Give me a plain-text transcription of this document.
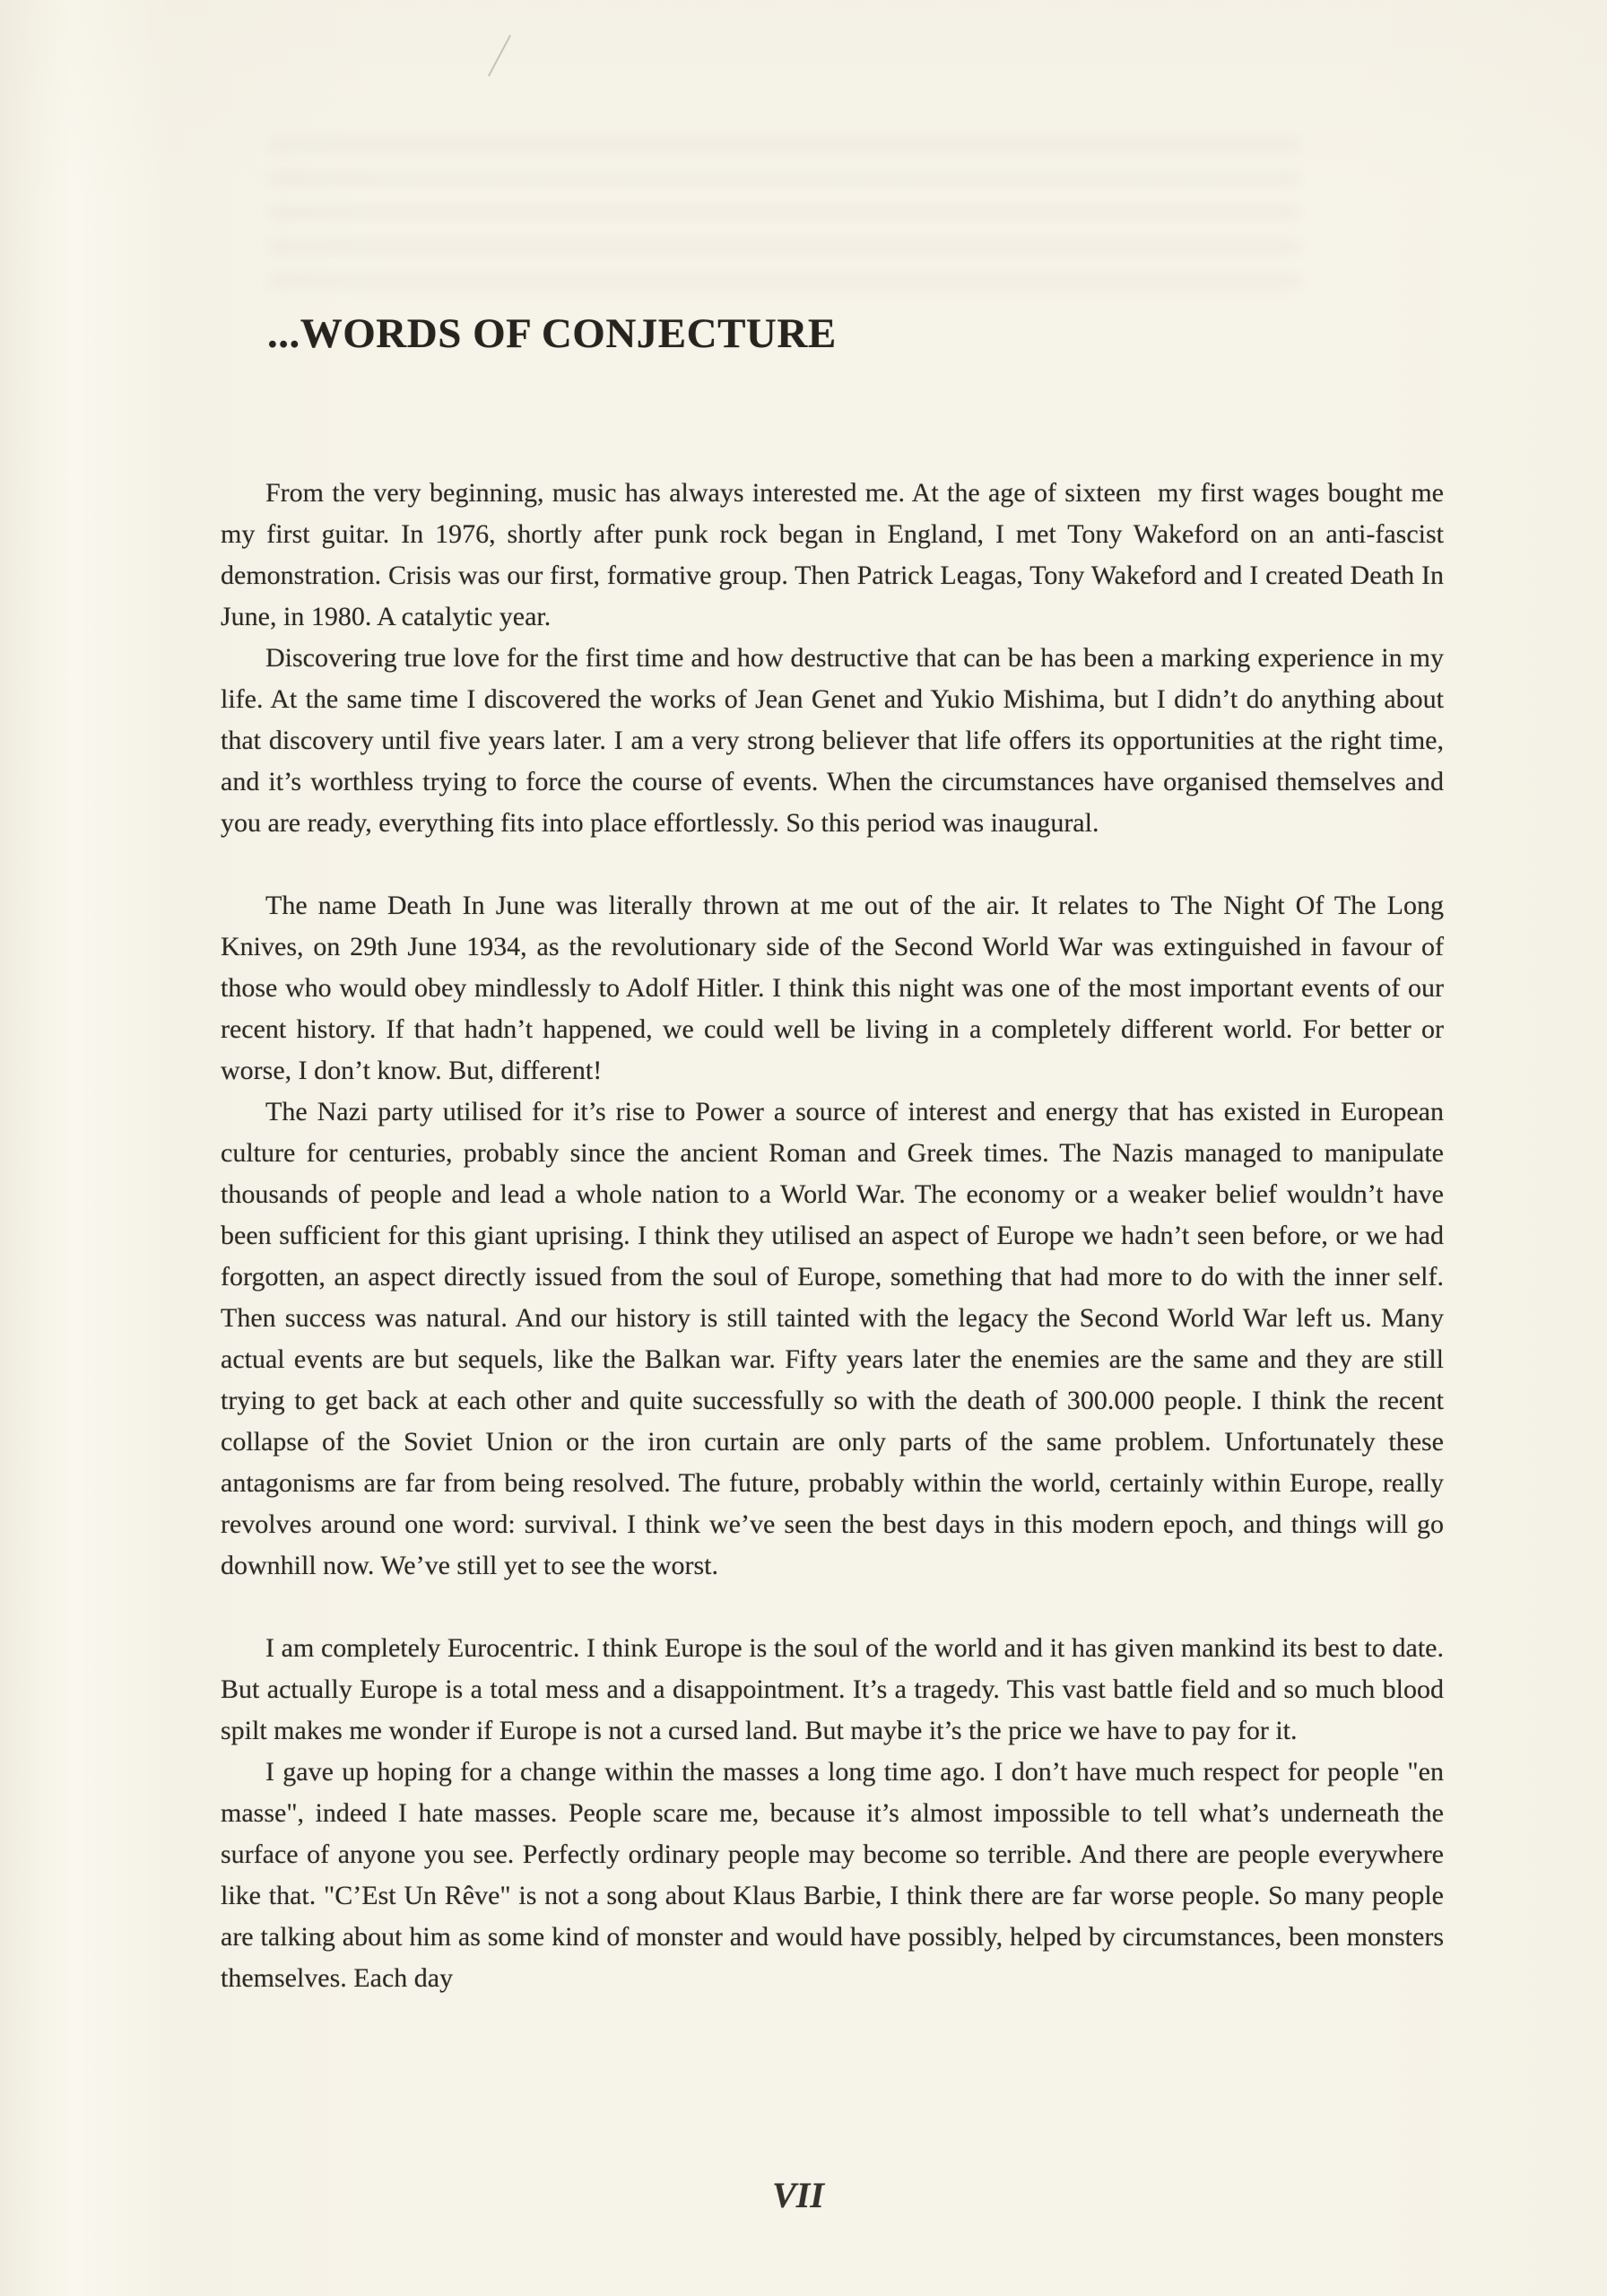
...WORDS OF CONJECTURE

From the very beginning, music has always interested me. At the age of sixteen  my first wages bought me my first guitar. In 1976, shortly after punk rock began in England, I met Tony Wakeford on an anti-fascist demonstration. Crisis was our first, formative group. Then Patrick Leagas, Tony Wakeford and I created Death In June, in 1980. A catalytic year.

Discovering true love for the first time and how destructive that can be has been a marking experience in my life. At the same time I discovered the works of Jean Genet and Yukio Mishima, but I didn’t do anything about that discovery until five years later. I am a very strong believer that life offers its opportunities at the right time, and it’s worthless trying to force the course of events. When the circumstances have organised themselves and you are ready, everything fits into place effortlessly. So this period was inaugural.

The name Death In June was literally thrown at me out of the air. It relates to The Night Of The Long Knives, on 29th June 1934, as the revolutionary side of the Second World War was extinguished in favour of those who would obey mindlessly to Adolf Hitler. I think this night was one of the most important events of our recent history. If that hadn’t happened, we could well be living in a completely different world. For better or worse, I don’t know. But, different!

The Nazi party utilised for it’s rise to Power a source of interest and energy that has existed in European culture for centuries, probably since the ancient Roman and Greek times. The Nazis managed to manipulate thousands of people and lead a whole nation to a World War. The economy or a weaker belief wouldn’t have been sufficient for this giant uprising. I think they utilised an aspect of Europe we hadn’t seen before, or we had forgotten, an aspect directly issued from the soul of Europe, something that had more to do with the inner self. Then success was natural. And our history is still tainted with the legacy the Second World War left us. Many actual events are but sequels, like the Balkan war. Fifty years later the enemies are the same and they are still trying to get back at each other and quite successfully so with the death of 300.000 people. I think the recent collapse of the Soviet Union or the iron curtain are only parts of the same problem. Unfortunately these antagonisms are far from being resolved. The future, probably within the world, certainly within Europe, really revolves around one word: survival. I think we’ve seen the best days in this modern epoch, and things will go downhill now. We’ve still yet to see the worst.

I am completely Eurocentric. I think Europe is the soul of the world and it has given mankind its best to date. But actually Europe is a total mess and a disappointment. It’s a tragedy. This vast battle field and so much blood spilt makes me wonder if Europe is not a cursed land. But maybe it’s the price we have to pay for it.

I gave up hoping for a change within the masses a long time ago. I don’t have much respect for people "en masse", indeed I hate masses. People scare me, because it’s almost impossible to tell what’s underneath the surface of anyone you see. Perfectly ordinary people may become so terrible. And there are people everywhere like that. "C’Est Un Rêve" is not a song about Klaus Barbie, I think there are far worse people. So many people are talking about him as some kind of monster and would have possibly, helped by circumstances, been monsters themselves. Each day

VII
